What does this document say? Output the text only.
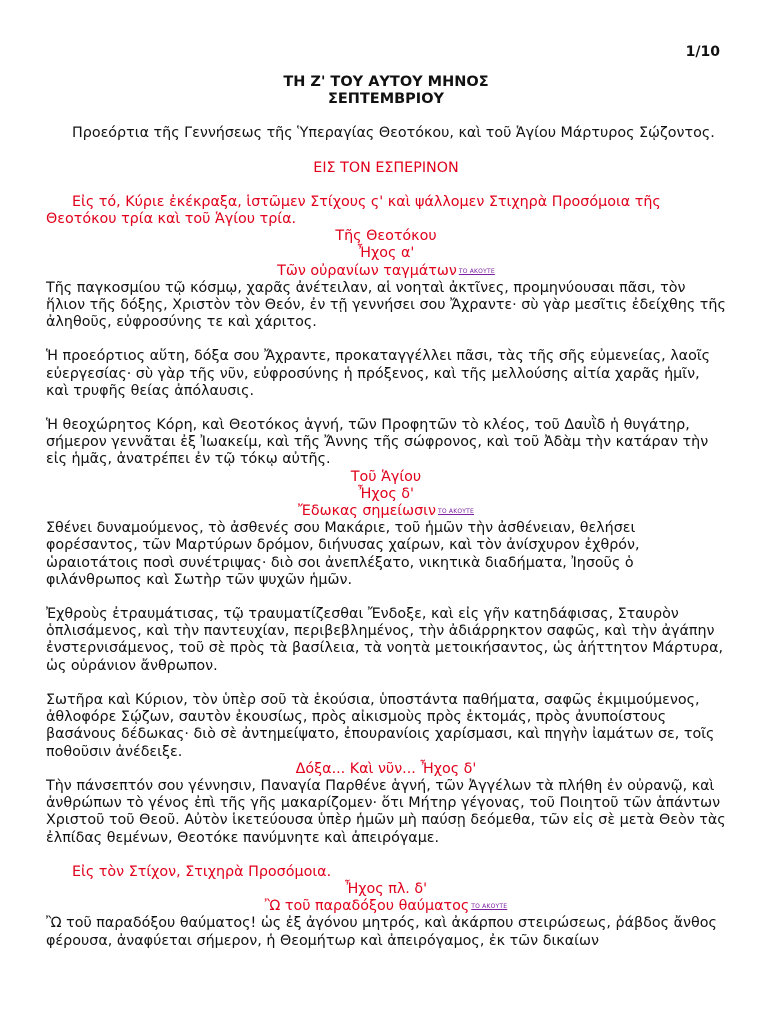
1/10
ΤΗ Ζ' ΤΟΥ ΑΥΤΟΥ ΜΗΝΟΣ
ΣΕΠΤΕΜΒΡΙΟΥ

Προεόρτια τῆς Γεννήσεως τῆς Ὑπεραγίας Θεοτόκου, καὶ τοῦ Ἁγίου Μάρτυρος Σῴζοντος.

ΕΙΣ ΤΟΝ ΕΣΠΕΡΙΝΟΝ

Εἰς τό, Κύριε ἐκέκραξα, ἱστῶμεν Στίχους ς' καὶ ψάλλομεν Στιχηρὰ Προσόμοια τῆς Θεοτόκου τρία καὶ τοῦ Ἁγίου τρία.

Τῆς Θεοτόκου
Ἦχος α'
Τῶν οὐρανίων ταγμάτων ΤΟ ΑΚΟΥΤΕ

Τῆς παγκοσμίου τῷ κόσμῳ, χαρᾶς ἀνέτειλαν, αἱ νοηταὶ ἀκτῖνες, προμηνύουσαι πᾶσι, τὸν ἥλιον τῆς δόξης, Χριστὸν τὸν Θεόν, ἐν τῇ γεννήσει σου Ἄχραντε· σὺ γὰρ μεσῖτις ἐδείχθης τῆς ἀληθοῦς, εὐφροσύνης τε καὶ χάριτος.

Ἡ προεόρτιος αὕτη, δόξα σου Ἄχραντε, προκαταγγέλλει πᾶσι, τὰς τῆς σῆς εὐμενείας, λαοῖς εὐεργεσίας· σὺ γὰρ τῆς νῦν, εὐφροσύνης ἡ πρόξενος, καὶ τῆς μελλούσης αἰτία χαρᾶς ἡμῖν, καὶ τρυφῆς θείας ἀπόλαυσις.

Ἡ θεοχώρητος Κόρη, καὶ Θεοτόκος ἁγνή, τῶν Προφητῶν τὸ κλέος, τοῦ Δαυῒδ ἡ θυγάτηρ, σήμερον γεννᾶται ἐξ Ἰωακείμ, καὶ τῆς Ἄννης τῆς σώφρονος, καὶ τοῦ Ἀδὰμ τὴν κατάραν τὴν εἰς ἡμᾶς, ἀνατρέπει ἐν τῷ τόκῳ αὐτῆς.

Τοῦ Ἁγίου
Ἦχος δ'
Ἔδωκας σημείωσιν ΤΟ ΑΚΟΥΤΕ

Σθένει δυναμούμενος, τὸ ἀσθενές σου Μακάριε, τοῦ ἡμῶν τὴν ἀσθένειαν, θελήσει φορέσαντος, τῶν Μαρτύρων δρόμον, διήνυσας χαίρων, καὶ τὸν ἀνίσχυρον ἐχθρόν, ὡραιοτάτοις ποσὶ συνέτριψας· διὸ σοι ἀνεπλέξατο, νικητικὰ διαδήματα, Ἰησοῦς ὁ φιλάνθρωπος καὶ Σωτὴρ τῶν ψυχῶν ἡμῶν.

Ἐχθροὺς ἐτραυμάτισας, τῷ τραυματίζεσθαι Ἔνδοξε, καὶ εἰς γῆν κατηδάφισας, Σταυρὸν ὁπλισάμενος, καὶ τὴν παντευχίαν, περιβεβλημένος, τὴν ἀδιάρρηκτον σαφῶς, καὶ τὴν ἀγάπην ἐνστερνισάμενος, τοῦ σὲ πρὸς τὰ βασίλεια, τὰ νοητὰ μετοικήσαντος, ὡς ἀήττητον Μάρτυρα, ὡς οὐράνιον ἄνθρωπον.

Σωτῆρα καὶ Κύριον, τὸν ὑπὲρ σοῦ τὰ ἑκούσια, ὑποστάντα παθήματα, σαφῶς ἐκμιμούμενος, ἀθλοφόρε Σῴζων, σαυτὸν ἑκουσίως, πρὸς αἰκισμοὺς πρὸς ἐκτομάς, πρὸς ἀνυποίστους βασάνους δέδωκας· διὸ σὲ ἀντημείψατο, ἐπουρανίοις χαρίσμασι, καὶ πηγὴν ἰαμάτων σε, τοῖς ποθοῦσιν ἀνέδειξε.

Δόξα... Καὶ νῦν... Ἦχος δ'

Τὴν πάνσεπτόν σου γέννησιν, Παναγία Παρθένε ἁγνή, τῶν Ἀγγέλων τὰ πλήθη ἐν οὐρανῷ, καὶ ἀνθρώπων τὸ γένος ἐπὶ τῆς γῆς μακαρίζομεν· ὅτι Μήτηρ γέγονας, τοῦ Ποιητοῦ τῶν ἁπάντων Χριστοῦ τοῦ Θεοῦ. Αὐτὸν ἱκετεύουσα ὑπὲρ ἡμῶν μὴ παύσῃ δεόμεθα, τῶν εἰς σὲ μετὰ Θεὸν τὰς ἐλπίδας θεμένων, Θεοτόκε πανύμνητε καὶ ἀπειρόγαμε.

Εἰς τὸν Στίχον, Στιχηρὰ Προσόμοια.

Ἦχος πλ. δ'
Ὢ τοῦ παραδόξου θαύματος ΤΟ ΑΚΟΥΤΕ

Ὢ τοῦ παραδόξου θαύματος! ὡς ἐξ ἀγόνου μητρός, καὶ ἀκάρπου στειρώσεως, ῥάβδος ἄνθος φέρουσα, ἀναφύεται σήμερον, ἡ Θεομήτωρ καὶ ἀπειρόγαμος, ἐκ τῶν δικαίων
